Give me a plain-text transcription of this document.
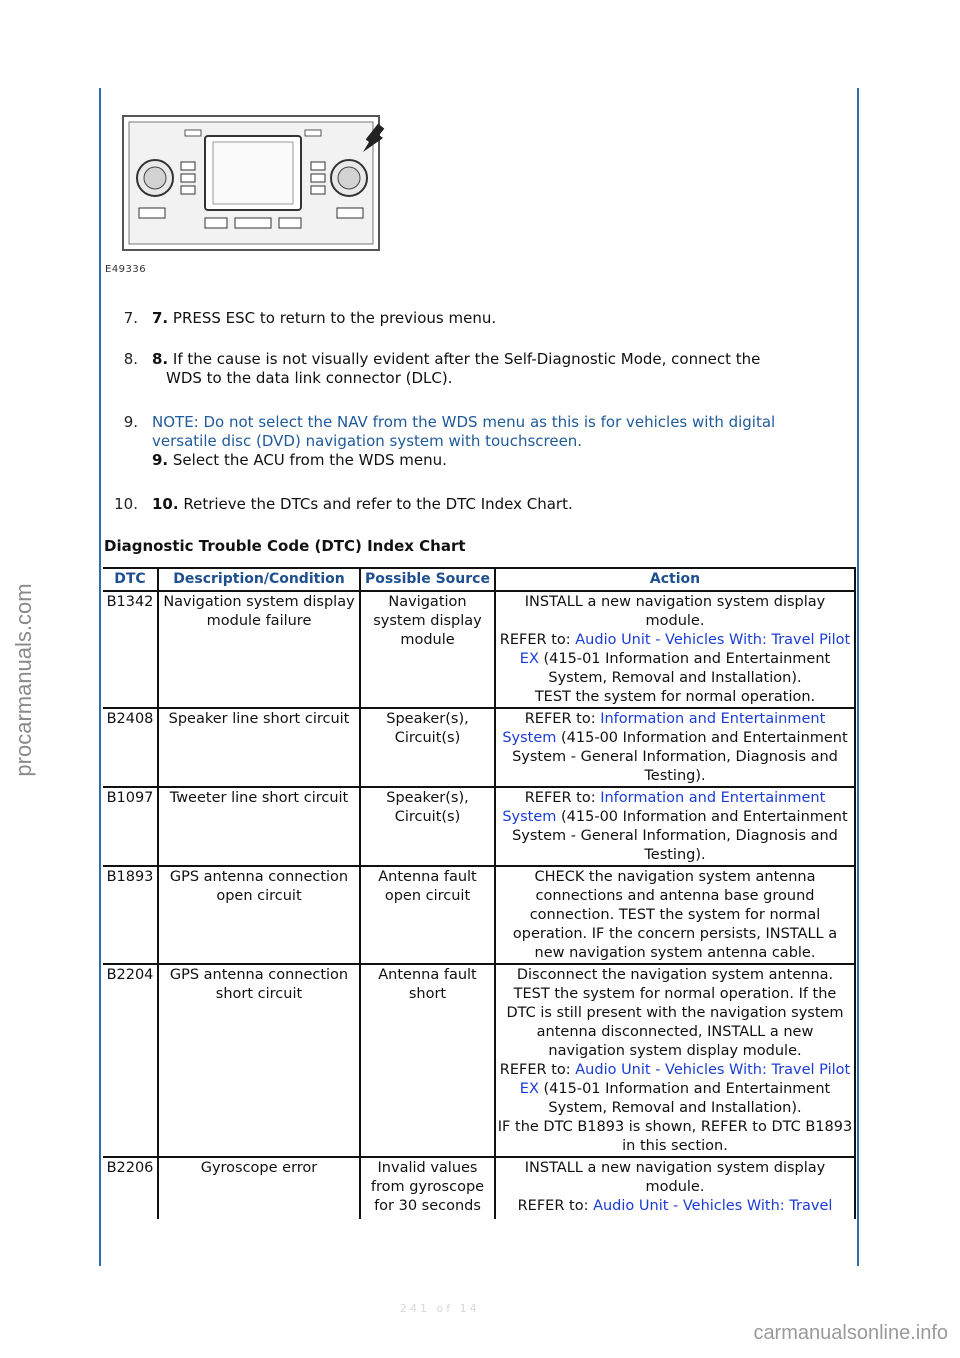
procarmanuals.com
E49336
7. 7. PRESS ESC to return to the previous menu.
8. 8. If the cause is not visually evident after the Self-Diagnostic Mode, connect the
WDS to the data link connector (DLC).
9. NOTE: Do not select the NAV from the WDS menu as this is for vehicles with digital versatile disc (DVD) navigation system with touchscreen.
9. Select the ACU from the WDS menu.
10. 10. Retrieve the DTCs and refer to the DTC Index Chart.
Diagnostic Trouble Code (DTC) Index Chart
DTC	Description/Condition	Possible Source	Action
B1342	Navigation system display module failure	Navigation system display module	INSTALL a new navigation system display module.
REFER to: Audio Unit - Vehicles With: Travel Pilot EX (415-01 Information and Entertainment System, Removal and Installation).
TEST the system for normal operation.

B2408	Speaker line short circuit	Speaker(s), Circuit(s)	REFER to: Information and Entertainment System (415-00 Information and Entertainment System - General Information, Diagnosis and Testing).

B1097	Tweeter line short circuit	Speaker(s), Circuit(s)	REFER to: Information and Entertainment System (415-00 Information and Entertainment System - General Information, Diagnosis and Testing).

B1893	GPS antenna connection open circuit	Antenna fault open circuit	CHECK the navigation system antenna connections and antenna base ground connection. TEST the system for normal operation. IF the concern persists, INSTALL a new navigation system antenna cable.

B2204	GPS antenna connection short circuit	Antenna fault short	Disconnect the navigation system antenna. TEST the system for normal operation. If the DTC is still present with the navigation system antenna disconnected, INSTALL a new navigation system display module.
REFER to: Audio Unit - Vehicles With: Travel Pilot EX (415-01 Information and Entertainment System, Removal and Installation).
IF the DTC B1893 is shown, REFER to DTC B1893 in this section.

B2206	Gyroscope error	Invalid values from gyroscope for 30 seconds	INSTALL a new navigation system display module.
REFER to: Audio Unit - Vehicles With: Travel
241 of 14
carmanualsonline.info
